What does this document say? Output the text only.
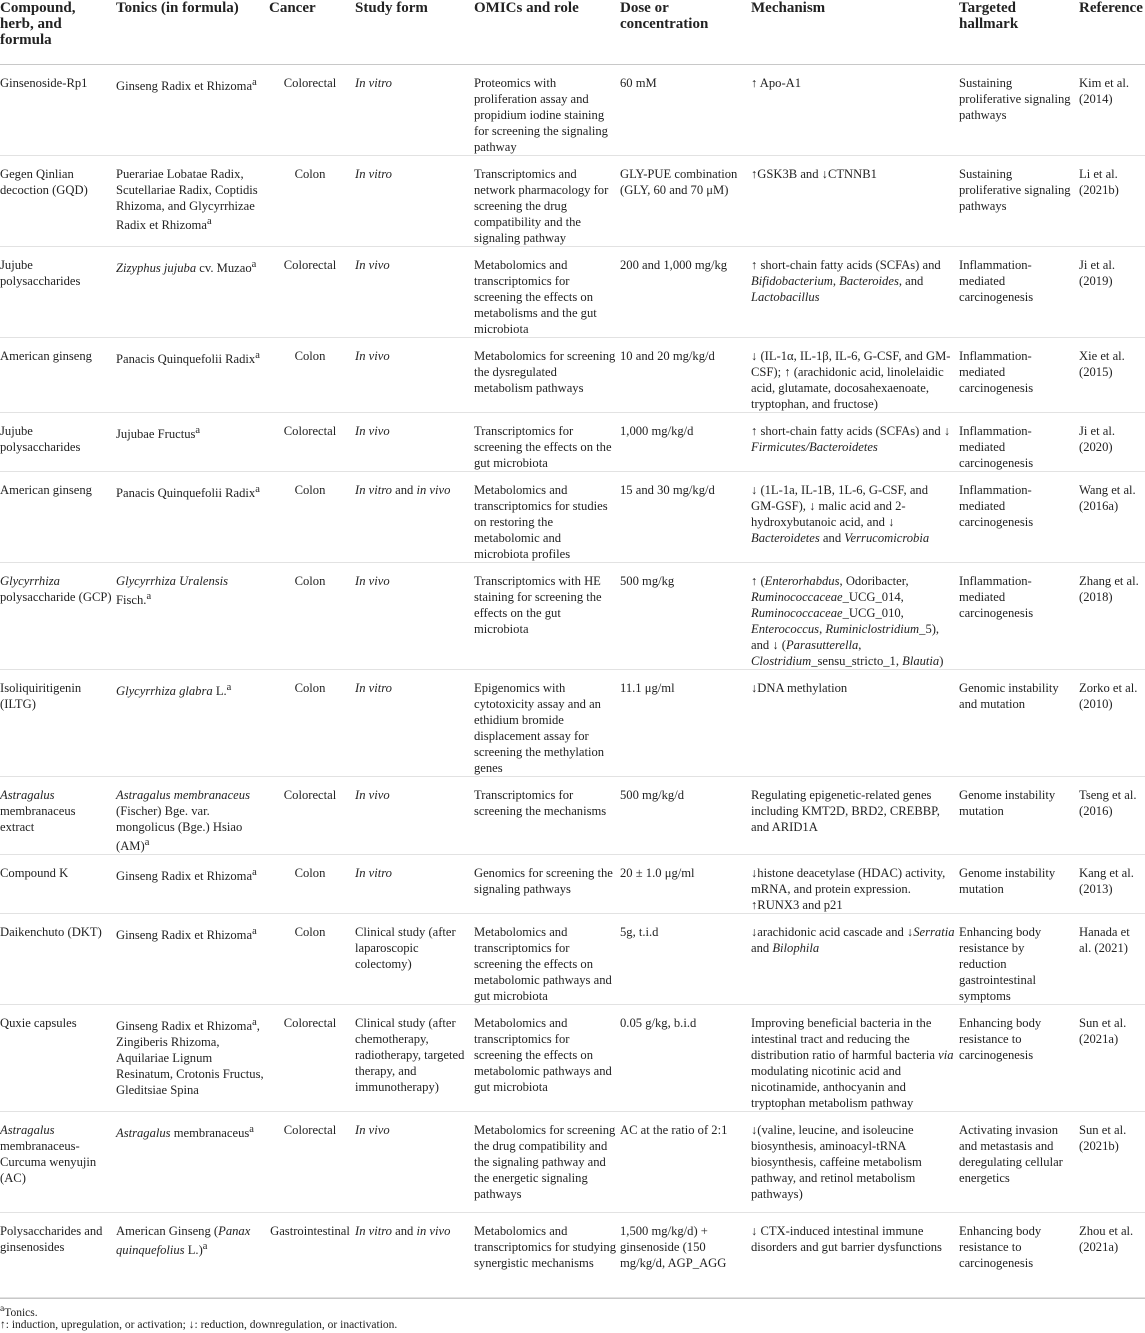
Compound, herb, and formula	Tonics (in formula)	Cancer	Study form	OMICs and role	Dose or concentration	Mechanism	Targeted hallmark	Reference
Ginsenoside-Rp1	Ginseng Radix et Rhizoma$^a$	Colorectal	In vitro	Proteomics with proliferation assay and propidium iodine staining for screening the signaling pathway	60 mM	↑ Apo-A1	Sustaining proliferative signaling pathways	Kim et al. (2014)
Gegen Qinlian decoction (GQD)	Puerariae Lobatae Radix, Scutellariae Radix, Coptidis Rhizoma, and Glycyrrhizae Radix et Rhizoma$^a$	Colon	In vitro	Transcriptomics and network pharmacology for screening the drug compatibility and the signaling pathway	GLY-PUE combination (GLY, 60 and 70 μM)	↑GSK3B and ↓CTNNB1	Sustaining proliferative signaling pathways	Li et al. (2021b)
Jujube polysaccharides	Zizyphus jujuba cv. Muzao$^a$	Colorectal	In vivo	Metabolomics and transcriptomics for screening the effects on metabolisms and the gut microbiota	200 and 1,000 mg/kg	↑ short-chain fatty acids (SCFAs) and Bifidobacterium, Bacteroides, and Lactobacillus	Inflammation-mediated carcinogenesis	Ji et al. (2019)
American ginseng	Panacis Quinquefolii Radix$^a$	Colon	In vivo	Metabolomics for screening the dysregulated metabolism pathways	10 and 20 mg/kg/d	↓ (IL-1α, IL-1β, IL-6, G-CSF, and GM-CSF); ↑ (arachidonic acid, linolelaidic acid, glutamate, docosahexaenoate, tryptophan, and fructose)	Inflammation-mediated carcinogenesis	Xie et al. (2015)
Jujube polysaccharides	Jujubae Fructus$^a$	Colorectal	In vivo	Transcriptomics for screening the effects on the gut microbiota	1,000 mg/kg/d	↑ short-chain fatty acids (SCFAs) and ↓ Firmicutes/Bacteroidetes	Inflammation-mediated carcinogenesis	Ji et al. (2020)
American ginseng	Panacis Quinquefolii Radix$^a$	Colon	In vitro and in vivo	Metabolomics and transcriptomics for studies on restoring the metabolomic and microbiota profiles	15 and 30 mg/kg/d	↓ (1L-1a, IL-1B, 1L-6, G-CSF, and GM-GSF), ↓ malic acid and 2-hydroxybutanoic acid, and ↓ Bacteroidetes and Verrucomicrobia	Inflammation-mediated carcinogenesis	Wang et al. (2016a)
Glycyrrhiza polysaccharide (GCP)	Glycyrrhiza Uralensis Fisch.$^a$	Colon	In vivo	Transcriptomics with HE staining for screening the effects on the gut microbiota	500 mg/kg	↑ (Enterorhabdus, Odoribacter, Ruminococcaceae_UCG_014, Ruminococcaceae_UCG_010, Enterococcus, Ruminiclostridium_5), and ↓ (Parasutterella, Clostridium_sensu_stricto_1, Blautia)	Inflammation-mediated carcinogenesis	Zhang et al. (2018)
Isoliquiritigenin (ILTG)	Glycyrrhiza glabra L.$^a$	Colon	In vitro	Epigenomics with cytotoxicity assay and an ethidium bromide displacement assay for screening the methylation genes	11.1 μg/ml	↓DNA methylation	Genomic instability and mutation	Zorko et al. (2010)
Astragalus membranaceus extract	Astragalus membranaceus (Fischer) Bge. var. mongolicus (Bge.) Hsiao (AM)$^a$	Colorectal	In vivo	Transcriptomics for screening the mechanisms	500 mg/kg/d	Regulating epigenetic-related genes including KMT2D, BRD2, CREBBP, and ARID1A	Genome instability mutation	Tseng et al. (2016)
Compound K	Ginseng Radix et Rhizoma$^a$	Colon	In vitro	Genomics for screening the signaling pathways	20 ± 1.0 μg/ml	↓histone deacetylase (HDAC) activity, mRNA, and protein expression. ↑RUNX3 and p21	Genome instability mutation	Kang et al. (2013)
Daikenchuto (DKT)	Ginseng Radix et Rhizoma$^a$	Colon	Clinical study (after laparoscopic colectomy)	Metabolomics and transcriptomics for screening the effects on metabolomic pathways and gut microbiota	5g, t.i.d	↓arachidonic acid cascade and ↓Serratia and Bilophila	Enhancing body resistance by reduction gastrointestinal symptoms	Hanada et al. (2021)
Quxie capsules	Ginseng Radix et Rhizoma$^a$, Zingiberis Rhizoma, Aquilariae Lignum Resinatum, Crotonis Fructus, Gleditsiae Spina	Colorectal	Clinical study (after chemotherapy, radiotherapy, targeted therapy, and immunotherapy)	Metabolomics and transcriptomics for screening the effects on metabolomic pathways and gut microbiota	0.05 g/kg, b.i.d	Improving beneficial bacteria in the intestinal tract and reducing the distribution ratio of harmful bacteria via modulating nicotinic acid and nicotinamide, anthocyanin and tryptophan metabolism pathway	Enhancing body resistance to carcinogenesis	Sun et al. (2021a)
Astragalus membranaceus-Curcuma wenyujin (AC)	Astragalus membranaceus$^a$	Colorectal	In vivo	Metabolomics for screening the drug compatibility and the signaling pathway and the energetic signaling pathways	AC at the ratio of 2:1	↓(valine, leucine, and isoleucine biosynthesis, aminoacyl-tRNA biosynthesis, caffeine metabolism pathway, and retinol metabolism pathways)	Activating invasion and metastasis and deregulating cellular energetics	Sun et al. (2021b)
Polysaccharides and ginsenosides	American Ginseng (Panax quinquefolius L.)$^a$	Gastrointestinal	In vitro and in vivo	Metabolomics and transcriptomics for studying synergistic mechanisms	1,500 mg/kg/d) + ginsenoside (150 mg/kg/d, AGP_AGG	↓ CTX-induced intestinal immune disorders and gut barrier dysfunctions	Enhancing body resistance to carcinogenesis	Zhou et al. (2021a)
$^a$Tonics.
↑: induction, upregulation, or activation; ↓: reduction, downregulation, or inactivation.
